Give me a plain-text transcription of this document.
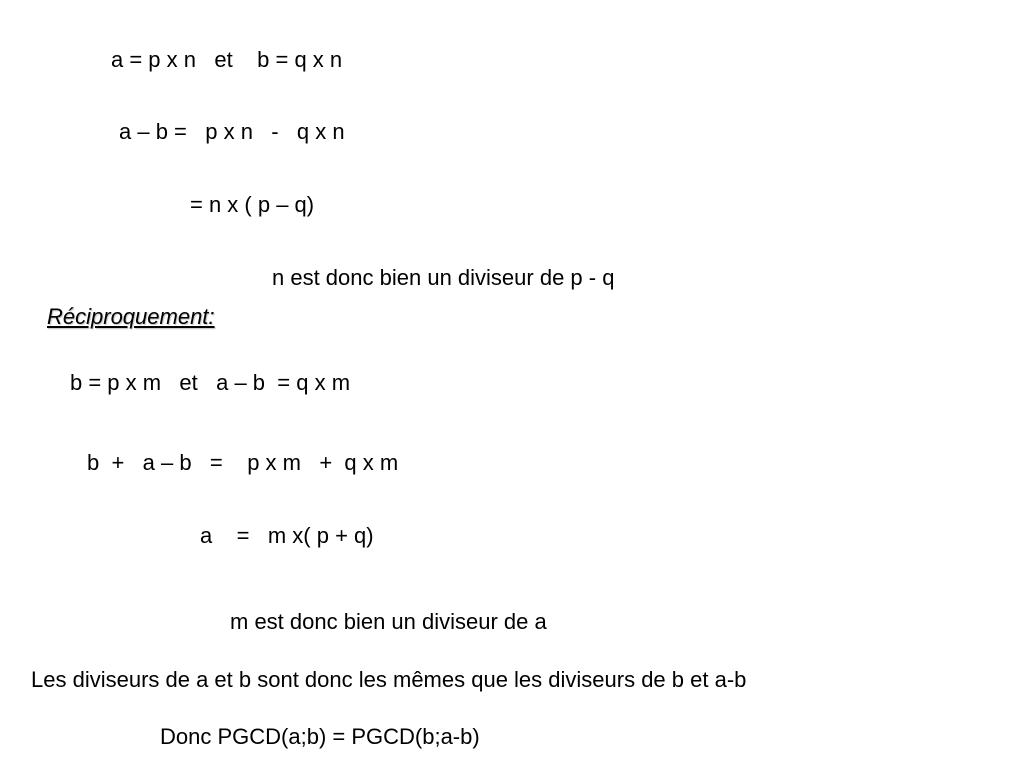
a = p x n   et    b = q x n
a – b =   p x n   -   q x n
= n x ( p – q)
n est donc bien un diviseur de p - q
Réciproquement:
b = p x m   et   a – b  = q x m
b  +   a – b   =    p x m   +  q x m
a    =   m x( p + q)
m est donc bien un diviseur de a
Les diviseurs de a et b sont donc les mêmes que les diviseurs de b et a-b
Donc PGCD(a;b) = PGCD(b;a-b)
